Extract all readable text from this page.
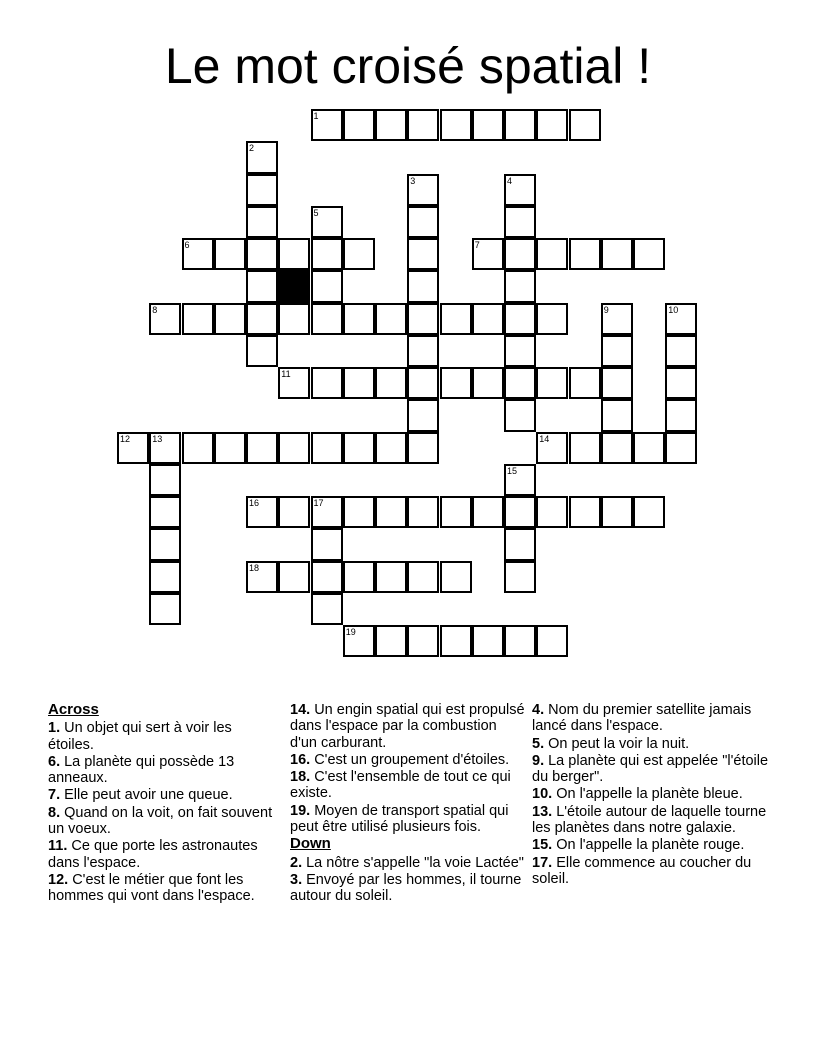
Le mot croisé spatial !
1
2
3	4
5
6	7
8	9	10
11
12 13	14
15
16	17
18
19
Across
1. Un objet qui sert à voir les étoiles.
6. La planète qui possède 13 anneaux.
7. Elle peut avoir une queue.
8. Quand on la voit, on fait souvent un voeux.
11. Ce que porte les astronautes dans l'espace.
12. C'est le métier que font les hommes qui vont dans l'espace.
14. Un engin spatial qui est propulsé dans l'espace par la combustion d'un carburant.
16. C'est un groupement d'étoiles.
18. C'est l'ensemble de tout ce qui existe.
19. Moyen de transport spatial qui peut être utilisé plusieurs fois.
Down
2. La nôtre s'appelle "la voie Lactée"
3. Envoyé par les hommes, il tourne autour du soleil.
4. Nom du premier satellite jamais lancé dans l'espace.
5. On peut la voir la nuit.
9. La planète qui est appelée "l'étoile du berger".
10. On l'appelle la planète bleue.
13. L'étoile autour de laquelle tourne les planètes dans notre galaxie.
15. On l'appelle la planète rouge.
17. Elle commence au coucher du soleil.
